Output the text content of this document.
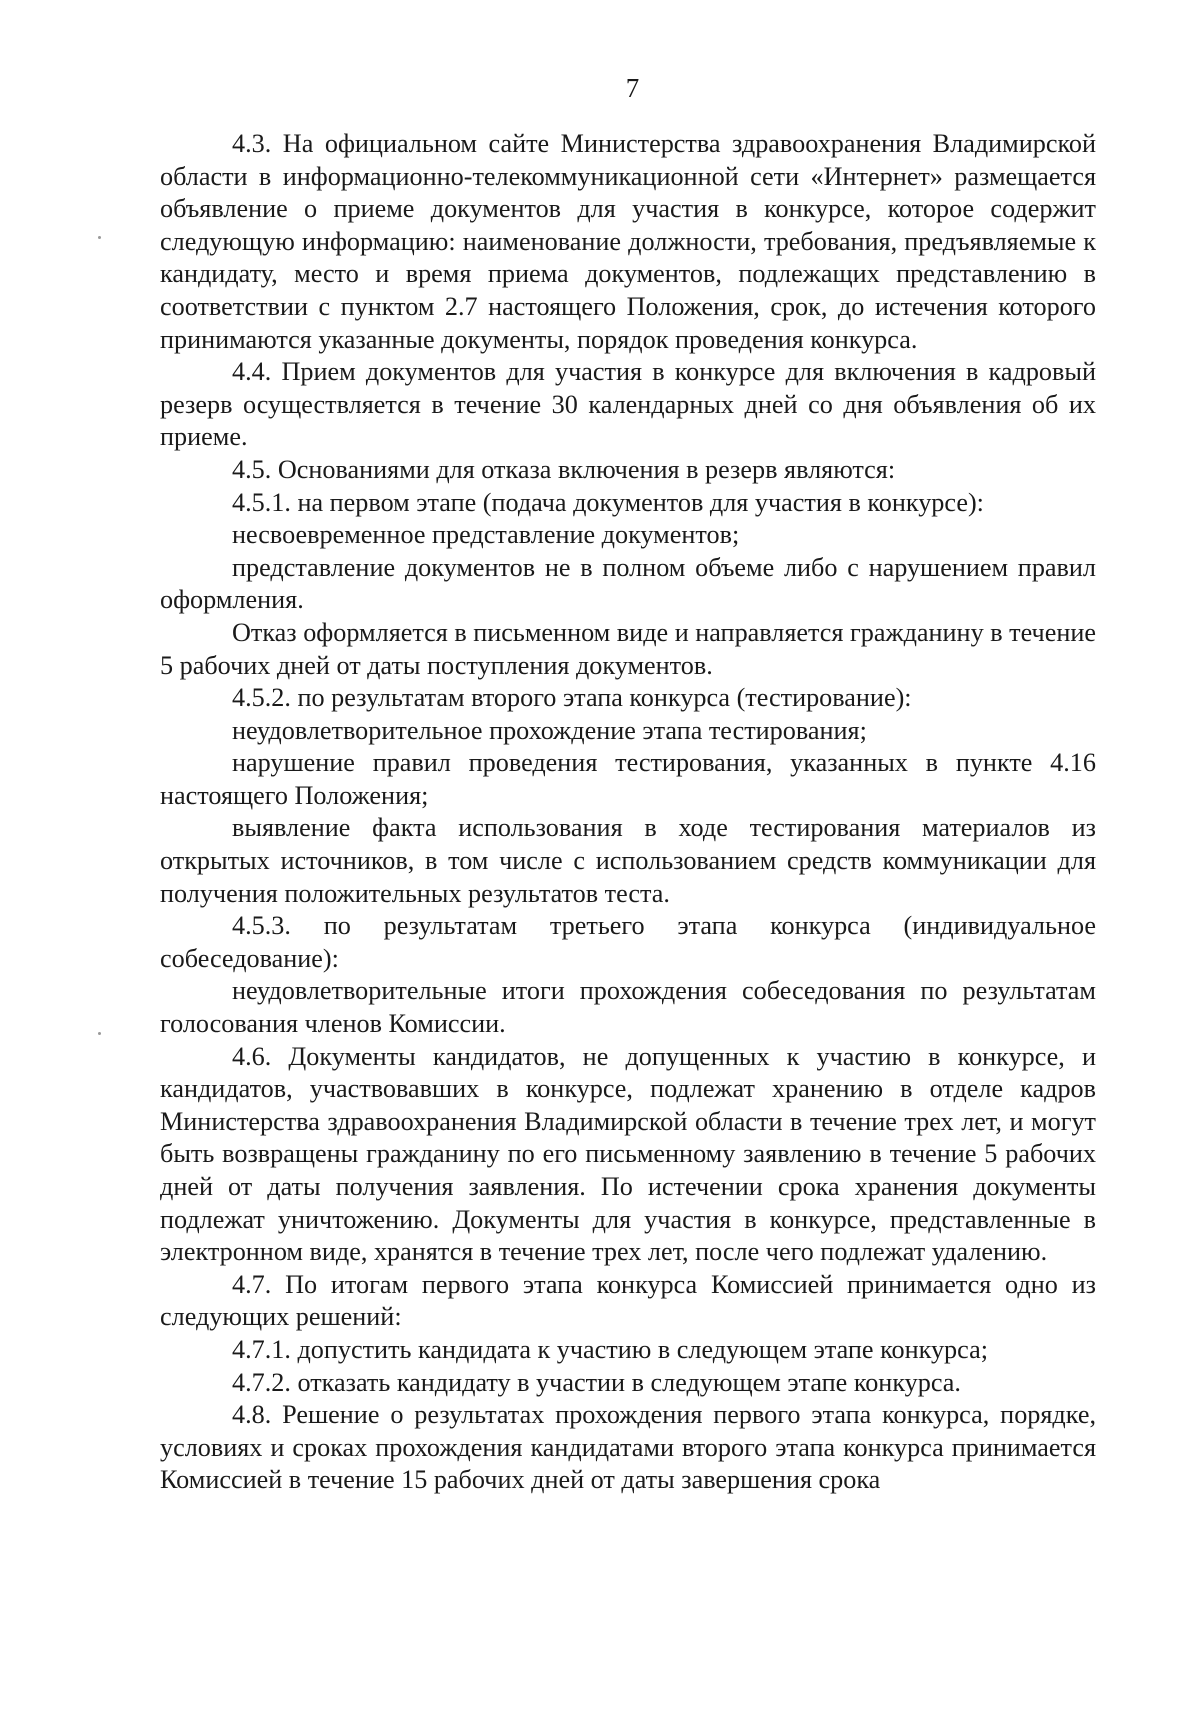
7

4.3. На официальном сайте Министерства здравоохранения Владимирской области в информационно-телекоммуникационной сети «Интернет» размещается объявление о приеме документов для участия в конкурсе, которое содержит следующую информацию: наименование должности, требования, предъявляемые к кандидату, место и время приема документов, подлежащих представлению в соответствии с пунктом 2.7 настоящего Положения, срок, до истечения которого принимаются указанные документы, порядок проведения конкурса.

4.4. Прием документов для участия в конкурсе для включения в кадровый резерв осуществляется в течение 30 календарных дней со дня объявления об их приеме.

4.5. Основаниями для отказа включения в резерв являются:

4.5.1. на первом этапе (подача документов для участия в конкурсе):

несвоевременное представление документов;

представление документов не в полном объеме либо с нарушением правил оформления.

Отказ оформляется в письменном виде и направляется гражданину в течение 5 рабочих дней от даты поступления документов.

4.5.2. по результатам второго этапа конкурса (тестирование):

неудовлетворительное прохождение этапа тестирования;

нарушение правил проведения тестирования, указанных в пункте 4.16 настоящего Положения;

выявление факта использования в ходе тестирования материалов из открытых источников, в том числе с использованием средств коммуникации для получения положительных результатов теста.

4.5.3. по результатам третьего этапа конкурса (индивидуальное собеседование):

неудовлетворительные итоги прохождения собеседования по результатам голосования членов Комиссии.

4.6. Документы кандидатов, не допущенных к участию в конкурсе, и кандидатов, участвовавших в конкурсе, подлежат хранению в отделе кадров Министерства здравоохранения Владимирской области в течение трех лет, и могут быть возвращены гражданину по его письменному заявлению в течение 5 рабочих дней от даты получения заявления. По истечении срока хранения документы подлежат уничтожению. Документы для участия в конкурсе, представленные в электронном виде, хранятся в течение трех лет, после чего подлежат удалению.

4.7. По итогам первого этапа конкурса Комиссией принимается одно из следующих решений:

4.7.1. допустить кандидата к участию в следующем этапе конкурса;

4.7.2. отказать кандидату в участии в следующем этапе конкурса.

4.8. Решение о результатах прохождения первого этапа конкурса, порядке, условиях и сроках прохождения кандидатами второго этапа конкурса принимается Комиссией в течение 15 рабочих дней от даты завершения срока
